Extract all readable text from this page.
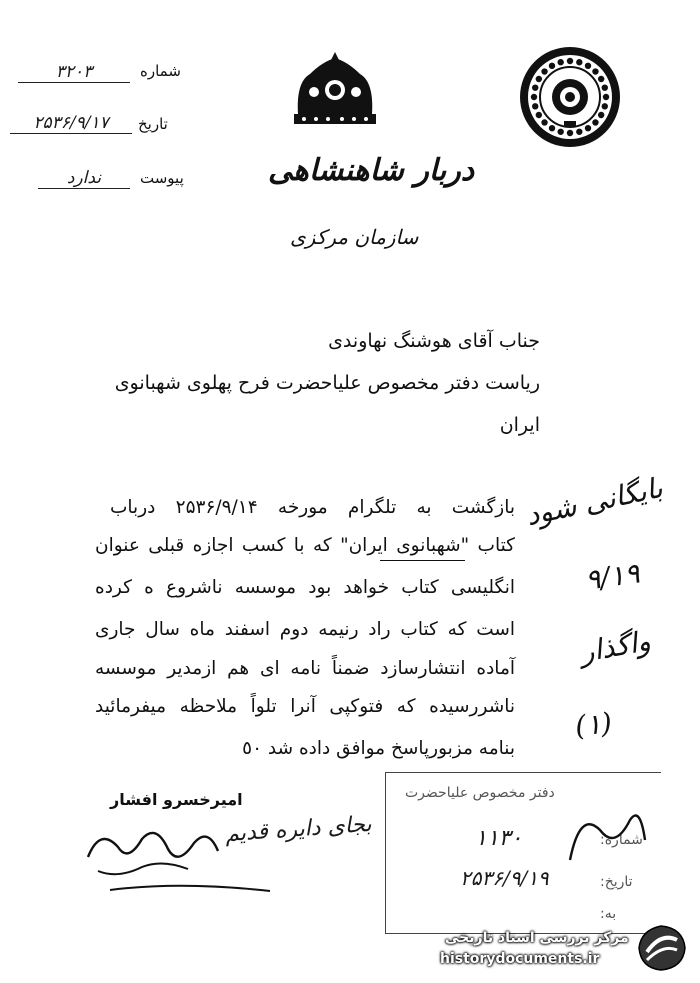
شماره
۳۲۰۳
تاریخ
۲۵۳۶/۹/۱۷
پیوست
ندارد	دربار شاهنشاهی
سازمان مرکزی
جناب آقای هوشنگ نهاوندی
ریاست دفتر مخصوص علیاحضرت فرح پهلوی شهبانوی
ایران
بازگشت به تلگرام مورخه ۲۵۳۶/۹/۱۴ درباب
کتاب "شهبانوی ایران" که با کسب اجازه قبلی عنوان
انگلیسی کتاب خواهد بود موسسه ناشروع ه کرده
است که کتاب راد رنیمه دوم اسفند ماه سال جاری
آماده انتشارسازد ضمناً نامه ای هم ازمدیر موسسه
ناشررسیده که فتوکپی آنرا تلواً ملاحظه میفرمائید
بنامه مزبورپاسخ موافق داده شد ٥٠
بایگانی شود
۹/۱۹
واگذار
(۱)
امیرخسرو افشار
بجای دایره قدیم
دفتر مخصوص علیاحضرت
شماره:
۱۱۳۰
تاریخ:
۲۵۳۶/۹/۱۹
به:
مرکز بررسی اسناد تاریخی
historydocuments.ir
